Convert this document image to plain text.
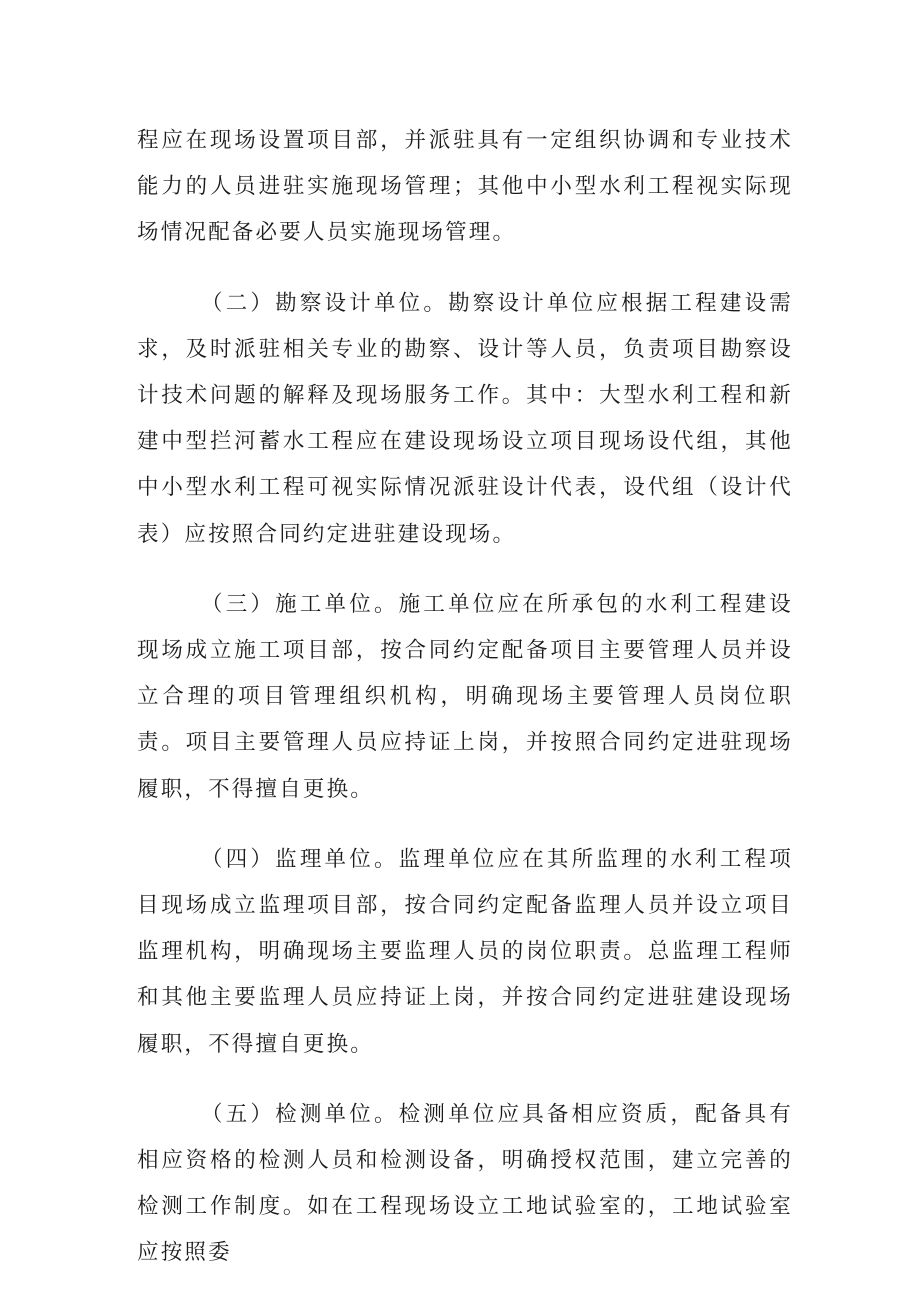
程应在现场设置项目部，并派驻具有一定组织协调和专业技术能力的人员进驻实施现场管理；其他中小型水利工程视实际现场情况配备必要人员实施现场管理。

（二）勘察设计单位。勘察设计单位应根据工程建设需求，及时派驻相关专业的勘察、设计等人员，负责项目勘察设计技术问题的解释及现场服务工作。其中：大型水利工程和新建中型拦河蓄水工程应在建设现场设立项目现场设代组，其他中小型水利工程可视实际情况派驻设计代表，设代组（设计代表）应按照合同约定进驻建设现场。

（三）施工单位。施工单位应在所承包的水利工程建设现场成立施工项目部，按合同约定配备项目主要管理人员并设立合理的项目管理组织机构，明确现场主要管理人员岗位职责。项目主要管理人员应持证上岗，并按照合同约定进驻现场履职，不得擅自更换。

（四）监理单位。监理单位应在其所监理的水利工程项目现场成立监理项目部，按合同约定配备监理人员并设立项目监理机构，明确现场主要监理人员的岗位职责。总监理工程师和其他主要监理人员应持证上岗，并按合同约定进驻建设现场履职，不得擅自更换。

（五）检测单位。检测单位应具备相应资质，配备具有相应资格的检测人员和检测设备，明确授权范围，建立完善的检测工作制度。如在工程现场设立工地试验室的，工地试验室应按照委
